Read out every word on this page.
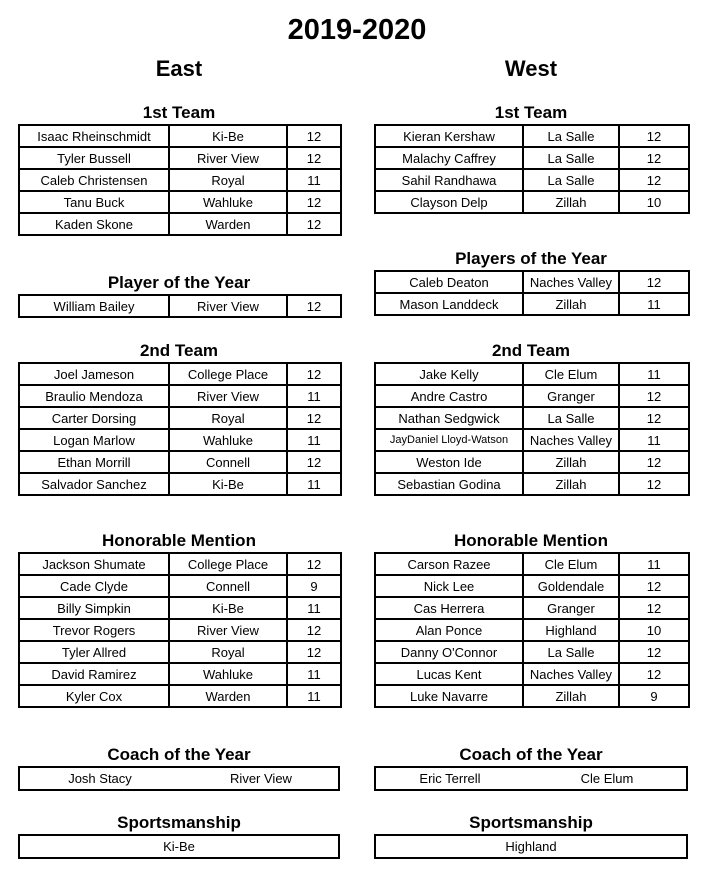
2019-2020
East	West
1st Team
Isaac Rheinschmidt	Ki-Be	12
Tyler Bussell	River View	12
Caleb Christensen	Royal	11
Tanu Buck	Wahluke	12
Kaden Skone	Warden	12
Player of the Year
William Bailey	River View	12
2nd Team
Joel Jameson	College Place	12
Braulio Mendoza	River View	11
Carter Dorsing	Royal	12
Logan Marlow	Wahluke	11
Ethan Morrill	Connell	12
Salvador Sanchez	Ki-Be	11
Honorable Mention
Jackson Shumate	College Place	12
Cade Clyde	Connell	9
Billy Simpkin	Ki-Be	11
Trevor Rogers	River View	12
Tyler Allred	Royal	12
David Ramirez	Wahluke	11
Kyler Cox	Warden	11
Coach of the Year
Josh Stacy	River View
Sportsmanship
Ki-Be
1st Team
Kieran Kershaw	La Salle	12
Malachy Caffrey	La Salle	12
Sahil Randhawa	La Salle	12
Clayson Delp	Zillah	10
Players of the Year
Caleb Deaton	Naches Valley	12
Mason Landdeck	Zillah	11
2nd Team
Jake Kelly	Cle Elum	11
Andre Castro	Granger	12
Nathan Sedgwick	La Salle	12
JayDaniel Lloyd-Watson	Naches Valley	11
Weston Ide	Zillah	12
Sebastian Godina	Zillah	12
Honorable Mention
Carson Razee	Cle Elum	11
Nick Lee	Goldendale	12
Cas Herrera	Granger	12
Alan Ponce	Highland	10
Danny O'Connor	La Salle	12
Lucas Kent	Naches Valley	12
Luke Navarre	Zillah	9
Coach of the Year
Eric Terrell	Cle Elum
Sportsmanship
Highland
